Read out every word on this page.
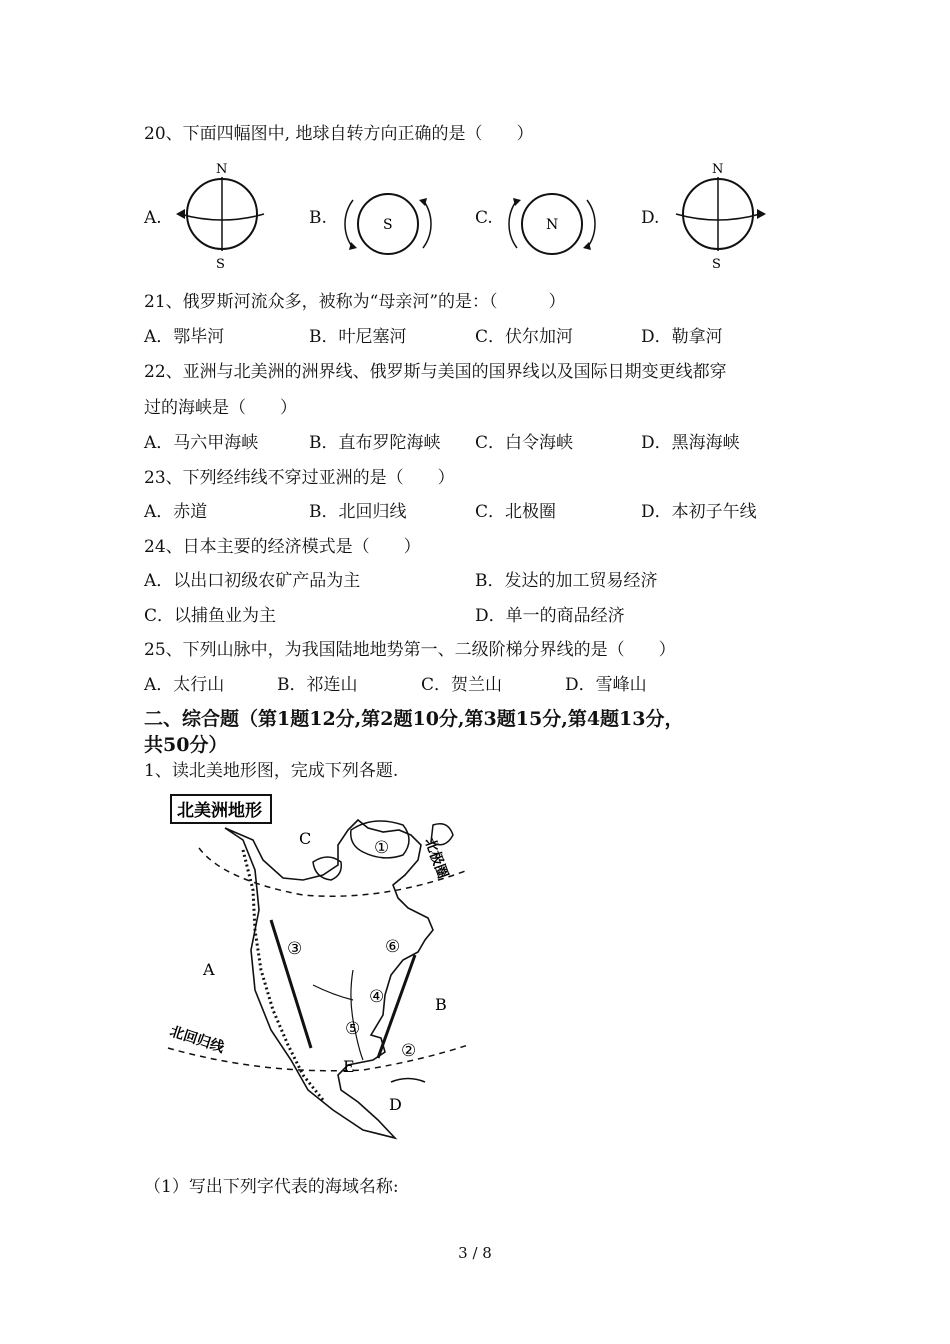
20、下面四幅图中, 地球自转方向正确的是（　　）
A.	B.	C.	D.
N
S
S	N
N
S
21、俄罗斯河流众多，被称为“母亲河”的是：（　　　）
A．鄂毕河	B．叶尼塞河	C．伏尔加河	D．勒拿河
22、亚洲与北美洲的洲界线、俄罗斯与美国的国界线以及国际日期变更线都穿
过的海峡是（　　）
A．马六甲海峡	B．直布罗陀海峡 C．白令海峡	D．黑海海峡
23、下列经纬线不穿过亚洲的是（　　）
A．赤道	B．北回归线	C．北极圈	D．本初子午线
24、日本主要的经济模式是（　　）
A．以出口初级农矿产品为主	B．发达的加工贸易经济
C．以捕鱼业为主	D．单一的商品经济
25、下列山脉中，为我国陆地地势第一、二级阶梯分界线的是（　　）
A．太行山	B．祁连山	C．贺兰山	D．雪峰山
二、综合题（第1题12分,第2题10分,第3题15分,第4题13分，
共50分）
1、读北美地形图，完成下列各题.
北美洲地形
北极圈
北回归线
A
B
C
D
E
①
②
③
④
⑤
⑥
（1）写出下列字代表的海域名称:
3 / 8
